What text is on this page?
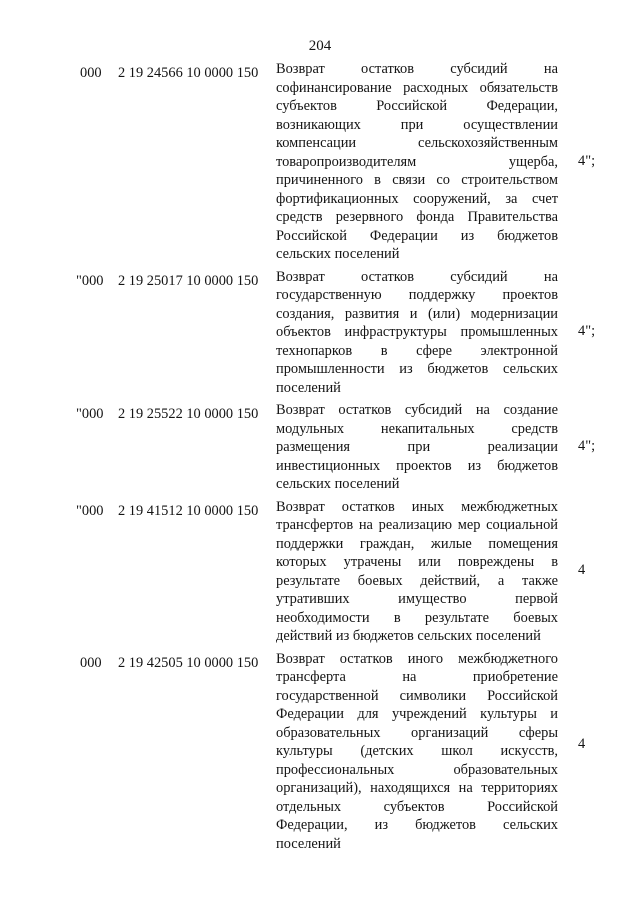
204
000	2 19 24566 10 0000 150 Возврат остатков субсидий на
софинансирование расходных обязательств
субъектов Российской Федерации,
возникающих при осуществлении
компенсации сельскохозяйственным
товаропроизводителям ущерба,
причиненного в связи со строительством
фортификационных сооружений, за счет
средств резервного фонда Правительства
Российской Федерации из бюджетов
сельских поселений
4";
"000 2 19 25017 10 0000 150 Возврат остатков субсидий на
государственную поддержку проектов
создания, развития и (или) модернизации
объектов инфраструктуры промышленных
технопарков в сфере электронной
промышленности из бюджетов сельских
поселений
4";
"000 2 19 25522 10 0000 150 Возврат остатков субсидий на создание
модульных некапитальных средств
размещения при реализации
инвестиционных проектов из бюджетов
сельских поселений
4";
"000 2 19 41512 10 0000 150 Возврат остатков иных межбюджетных
трансфертов на реализацию мер социальной
поддержки граждан, жилые помещения
которых утрачены или повреждены в
результате боевых действий, а также
утративших имущество первой
необходимости в результате боевых
действий из бюджетов сельских поселений
4
000	2 19 42505 10 0000 150 Возврат остатков иного межбюджетного
трансферта на приобретение
государственной символики Российской
Федерации для учреждений культуры и
образовательных организаций сферы
культуры (детских школ искусств,
профессиональных образовательных
организаций), находящихся на территориях
отдельных субъектов Российской
Федерации, из бюджетов сельских
поселений
4
